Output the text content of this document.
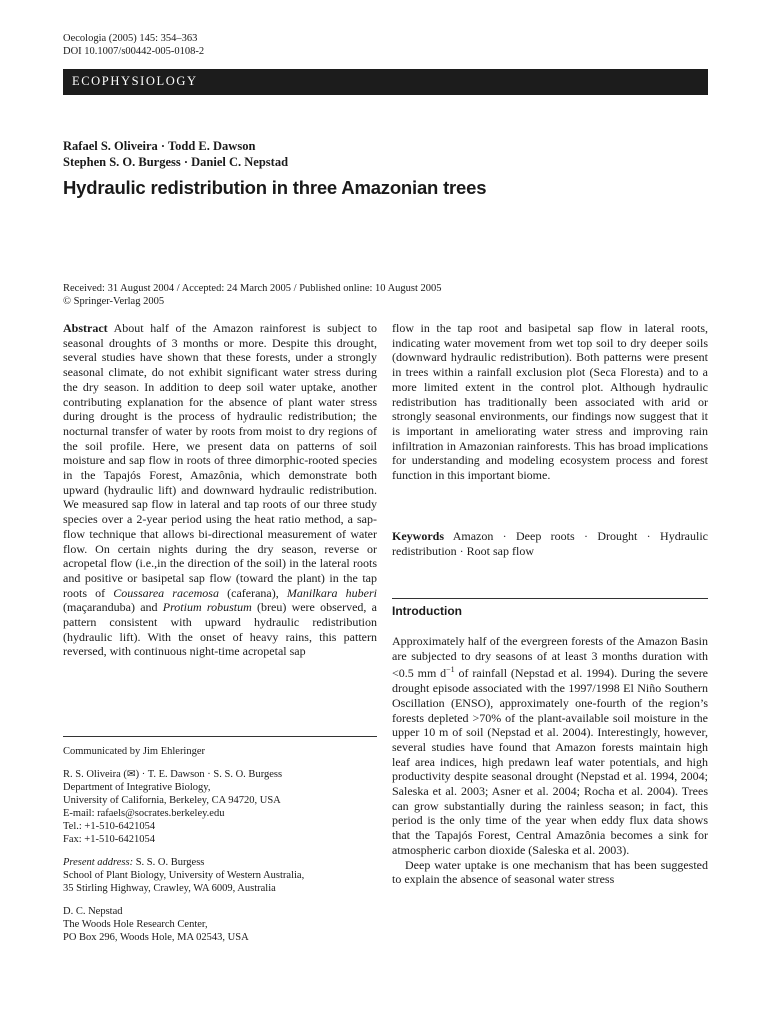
Oecologia (2005) 145: 354–363
DOI 10.1007/s00442-005-0108-2
ECOPHYSIOLOGY
Rafael S. Oliveira · Todd E. Dawson
Stephen S. O. Burgess · Daniel C. Nepstad
Hydraulic redistribution in three Amazonian trees
Received: 31 August 2004 / Accepted: 24 March 2005 / Published online: 10 August 2005
© Springer-Verlag 2005

Abstract About half of the Amazon rainforest is subject to seasonal droughts of 3 months or more. Despite this drought, several studies have shown that these forests, under a strongly seasonal climate, do not exhibit significant water stress during the dry season. In addition to deep soil water uptake, another contributing explanation for the absence of plant water stress during drought is the process of hydraulic redistribution; the nocturnal transfer of water by roots from moist to dry regions of the soil profile. Here, we present data on patterns of soil moisture and sap flow in roots of three dimorphic-rooted species in the Tapajós Forest, Amazônia, which demonstrate both upward (hydraulic lift) and downward hydraulic redistribution. We measured sap flow in lateral and tap roots of our three study species over a 2-year period using the heat ratio method, a sap-flow technique that allows bi-directional measurement of water flow. On certain nights during the dry season, reverse or acropetal flow (i.e.,in the direction of the soil) in the lateral roots and positive or basipetal sap flow (toward the plant) in the tap roots of Coussarea racemosa (caferana), Manilkara huberi (maçaranduba) and Protium robustum (breu) were observed, a pattern consistent with upward hydraulic redistribution (hydraulic lift). With the onset of heavy rains, this pattern reversed, with continuous night-time acropetal sap

flow in the tap root and basipetal sap flow in lateral roots, indicating water movement from wet top soil to dry deeper soils (downward hydraulic redistribution). Both patterns were present in trees within a rainfall exclusion plot (Seca Floresta) and to a more limited extent in the control plot. Although hydraulic redistribution has traditionally been associated with arid or strongly seasonal environments, our findings now suggest that it is important in ameliorating water stress and improving rain infiltration in Amazonian rainforests. This has broad implications for understanding and modeling ecosystem process and forest function in this important biome.

Keywords Amazon · Deep roots · Drought · Hydraulic redistribution · Root sap flow

Introduction

Approximately half of the evergreen forests of the Amazon Basin are subjected to dry seasons of at least 3 months duration with <0.5 mm $d^{-1}$ of rainfall (Nepstad et al. 1994). During the severe drought episode associated with the 1997/1998 El Niño Southern Oscillation (ENSO), approximately one-fourth of the region’s forests depleted >70% of the plant-available soil moisture in the upper 10 m of soil (Nepstad et al. 2004). Interestingly, however, several studies have found that Amazon forests maintain high leaf area indices, high predawn leaf water potentials, and high productivity despite seasonal drought (Nepstad et al. 1994, 2004; Saleska et al. 2003; Asner et al. 2004; Rocha et al. 2004). Trees can grow substantially during the rainless season; in fact, this period is the only time of the year when eddy flux data shows that the Tapajós Forest, Central Amazônia becomes a sink for atmospheric carbon dioxide (Saleska et al. 2003).

Deep water uptake is one mechanism that has been suggested to explain the absence of seasonal water stress

Communicated by Jim Ehleringer
R. S. Oliveira (✉) · T. E. Dawson · S. S. O. Burgess
Department of Integrative Biology,
University of California, Berkeley, CA 94720, USA
E-mail: rafaels@socrates.berkeley.edu
Tel.: +1-510-6421054
Fax: +1-510-6421054
Present address: S. S. O. Burgess
School of Plant Biology, University of Western Australia,
35 Stirling Highway, Crawley, WA 6009, Australia
D. C. Nepstad
The Woods Hole Research Center,
PO Box 296, Woods Hole, MA 02543, USA
